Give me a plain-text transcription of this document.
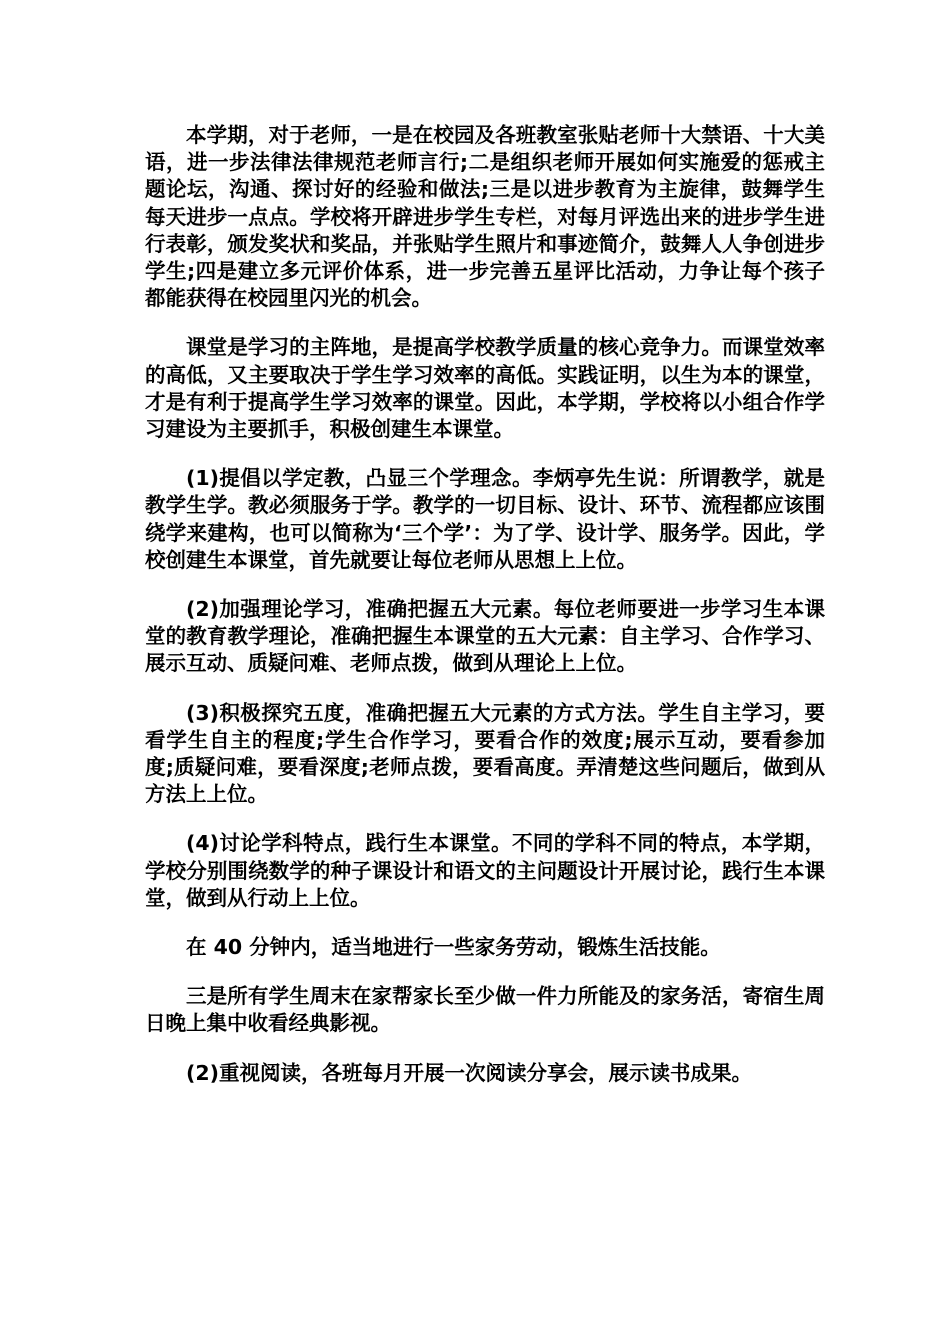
本学期，对于老师，一是在校园及各班教室张贴老师十大禁语、十大美语，进一步法律法律规范老师言行;二是组织老师开展如何实施爱的惩戒主题论坛，沟通、探讨好的经验和做法;三是以进步教育为主旋律，鼓舞学生每天进步一点点。学校将开辟进步学生专栏，对每月评选出来的进步学生进行表彰，颁发奖状和奖品，并张贴学生照片和事迹简介，鼓舞人人争创进步学生;四是建立多元评价体系，进一步完善五星评比活动，力争让每个孩子都能获得在校园里闪光的机会。

课堂是学习的主阵地，是提高学校教学质量的核心竞争力。而课堂效率的高低，又主要取决于学生学习效率的高低。实践证明，以生为本的课堂，才是有利于提高学生学习效率的课堂。因此，本学期，学校将以小组合作学习建设为主要抓手，积极创建生本课堂。

(1)提倡以学定教，凸显三个学理念。李炳亭先生说：所谓教学，就是教学生学。教必须服务于学。教学的一切目标、设计、环节、流程都应该围绕学来建构，也可以简称为‘三个学’：为了学、设计学、服务学。因此，学校创建生本课堂，首先就要让每位老师从思想上上位。

(2)加强理论学习，准确把握五大元素。每位老师要进一步学习生本课堂的教育教学理论，准确把握生本课堂的五大元素：自主学习、合作学习、展示互动、质疑问难、老师点拨，做到从理论上上位。

(3)积极探究五度，准确把握五大元素的方式方法。学生自主学习，要看学生自主的程度;学生合作学习，要看合作的效度;展示互动，要看参加度;质疑问难，要看深度;老师点拨，要看高度。弄清楚这些问题后，做到从方法上上位。

(4)讨论学科特点，践行生本课堂。不同的学科不同的特点，本学期，学校分别围绕数学的种子课设计和语文的主问题设计开展讨论，践行生本课堂，做到从行动上上位。

在 40 分钟内，适当地进行一些家务劳动，锻炼生活技能。

三是所有学生周末在家帮家长至少做一件力所能及的家务活，寄宿生周日晚上集中收看经典影视。

(2)重视阅读，各班每月开展一次阅读分享会，展示读书成果。
